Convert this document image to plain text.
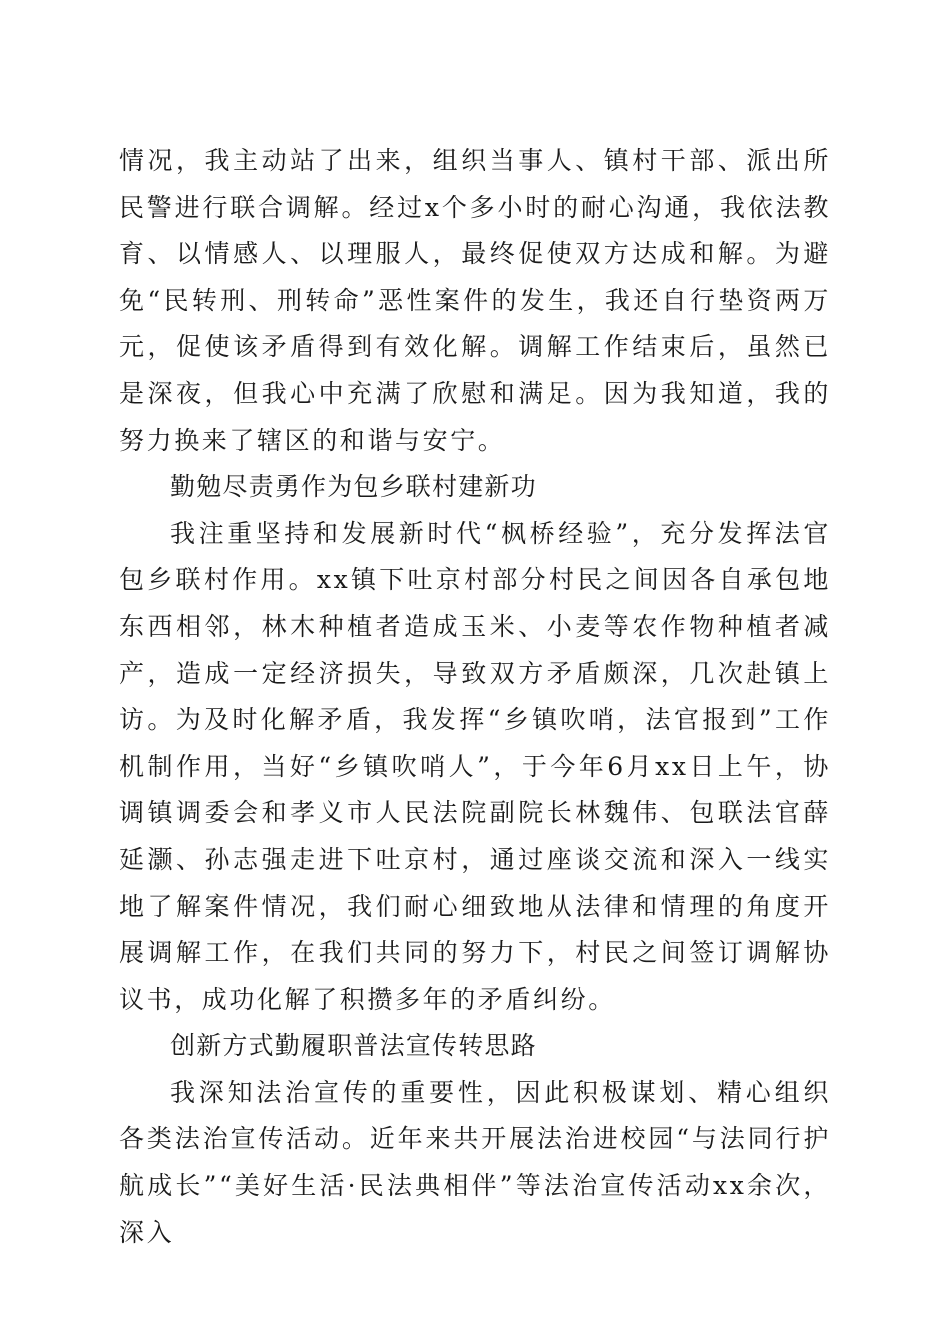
情况，我主动站了出来，组织当事人、镇村干部、派出所民警进行联合调解。经过x个多小时的耐心沟通，我依法教育、以情感人、以理服人，最终促使双方达成和解。为避免“民转刑、刑转命”恶性案件的发生，我还自行垫资两万元，促使该矛盾得到有效化解。调解工作结束后，虽然已是深夜，但我心中充满了欣慰和满足。因为我知道，我的努力换来了辖区的和谐与安宁。

勤勉尽责勇作为包乡联村建新功

我注重坚持和发展新时代“枫桥经验”，充分发挥法官包乡联村作用。xx镇下吐京村部分村民之间因各自承包地东西相邻，林木种植者造成玉米、小麦等农作物种植者减产，造成一定经济损失，导致双方矛盾颇深，几次赴镇上访。为及时化解矛盾，我发挥“乡镇吹哨，法官报到”工作机制作用，当好“乡镇吹哨人”，于今年6月xx日上午，协调镇调委会和孝义市人民法院副院长林魏伟、包联法官薛延灏、孙志强走进下吐京村，通过座谈交流和深入一线实地了解案件情况，我们耐心细致地从法律和情理的角度开展调解工作，在我们共同的努力下，村民之间签订调解协议书，成功化解了积攒多年的矛盾纠纷。

创新方式勤履职普法宣传转思路

我深知法治宣传的重要性，因此积极谋划、精心组织各类法治宣传活动。近年来共开展法治进校园“与法同行护航成长”“美好生活·民法典相伴”等法治宣传活动xx余次，深入
